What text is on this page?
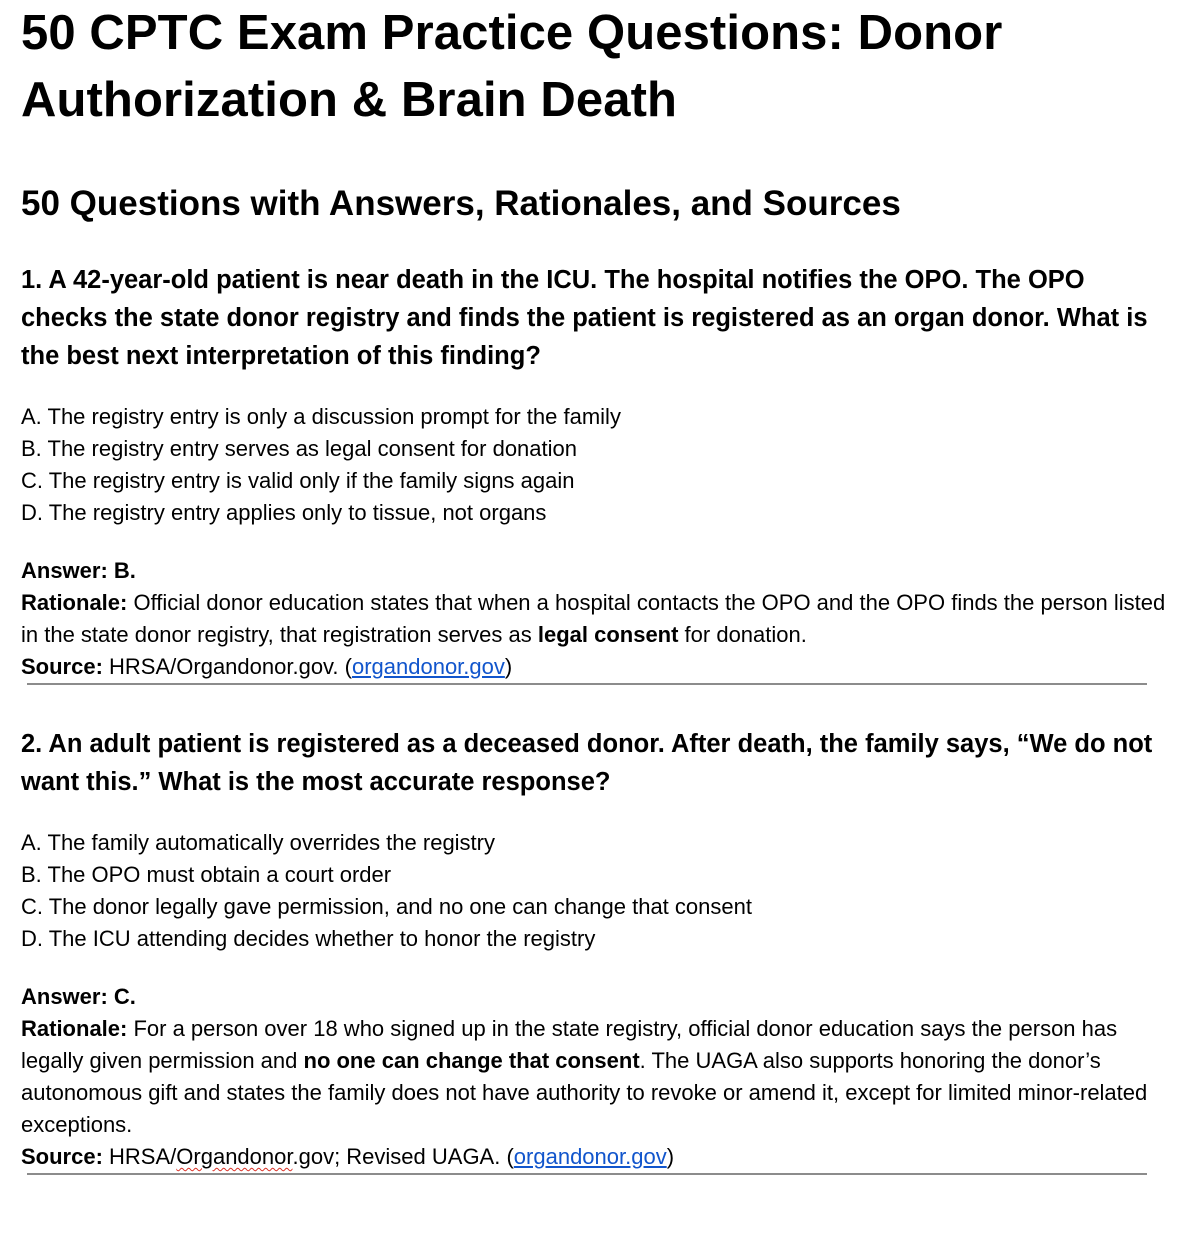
50 CPTC Exam Practice Questions: Donor Authorization & Brain Death
50 Questions with Answers, Rationales, and Sources

1. A 42-year-old patient is near death in the ICU. The hospital notifies the OPO. The OPO checks the state donor registry and finds the patient is registered as an organ donor. What is the best next interpretation of this finding?

A. The registry entry is only a discussion prompt for the family
B. The registry entry serves as legal consent for donation
C. The registry entry is valid only if the family signs again
D. The registry entry applies only to tissue, not organs
Answer: B.
Rationale: Official donor education states that when a hospital contacts the OPO and the OPO finds the person listed in the state donor registry, that registration serves as legal consent for donation.
Source: HRSA/Organdonor.gov. (organdonor.gov)

2. An adult patient is registered as a deceased donor. After death, the family says, “We do not want this.” What is the most accurate response?

A. The family automatically overrides the registry
B. The OPO must obtain a court order
C. The donor legally gave permission, and no one can change that consent
D. The ICU attending decides whether to honor the registry
Answer: C.
Rationale: For a person over 18 who signed up in the state registry, official donor education says the person has legally given permission and no one can change that consent. The UAGA also supports honoring the donor’s autonomous gift and states the family does not have authority to revoke or amend it, except for limited minor-related exceptions.
Source: HRSA/Organdonor.gov; Revised UAGA. (organdonor.gov)
